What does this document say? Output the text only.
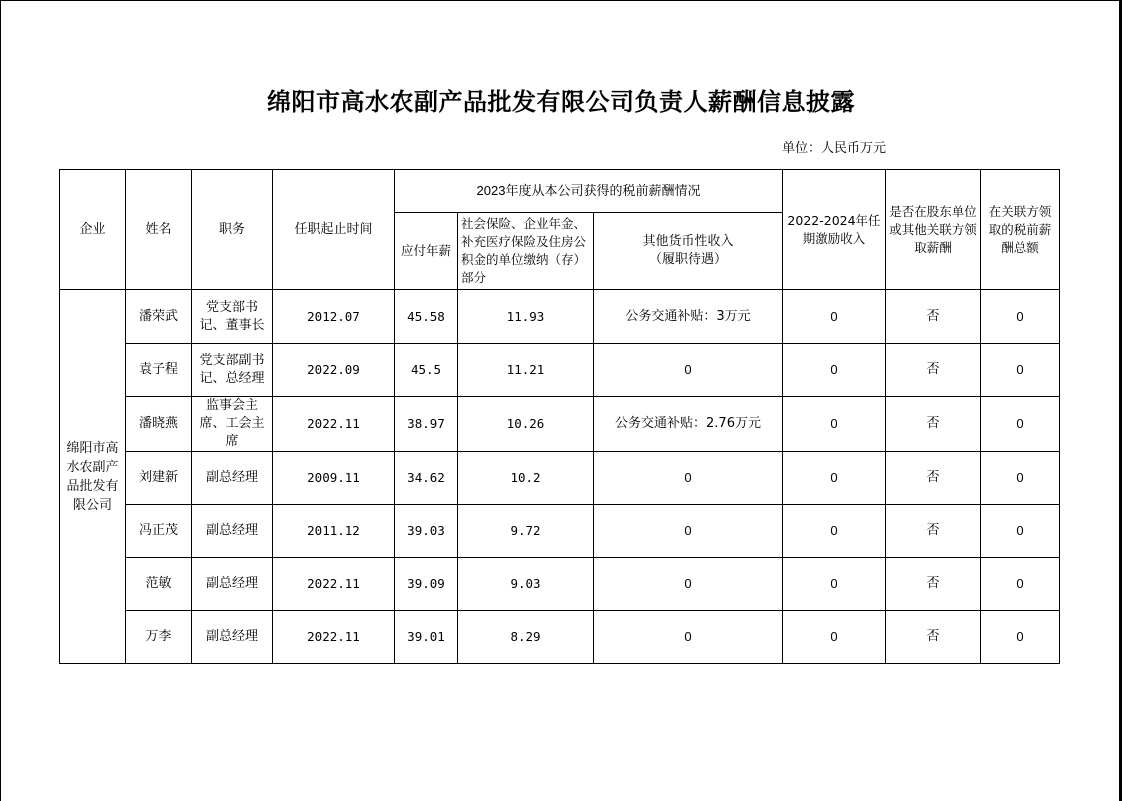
绵阳市高水农副产品批发有限公司负责人薪酬信息披露
单位：人民币万元
企业	姓名	职务	任职起止时间	2023年度从本公司获得的税前薪酬情况			2022-2024年任期激励收入	是否在股东单位或其他关联方领取薪酬	在关联方领取的税前薪酬总额
				应付年薪	社会保险、企业年金、补充医疗保险及住房公积金的单位缴纳（存）部分	其他货币性收入
（履职待遇）			

绵阳市高水农副产品批发有限公司	潘荣武	党支部书记、董事长	2012.07	45.58	11.93	公务交通补贴：3万元	0	否	0
	袁子程	党支部副书记、总经理	2022.09	45.5	11.21	0	0	否	0
	潘晓燕	监事会主席、工会主席	2022.11	38.97	10.26	公务交通补贴：2.76万元	0	否	0
	刘建新	副总经理	2009.11	34.62	10.2	0	0	否	0
	冯正茂	副总经理	2011.12	39.03	9.72	0	0	否	0
	范敏	副总经理	2022.11	39.09	9.03	0	0	否	0
	万李	副总经理	2022.11	39.01	8.29	0	0	否	0
